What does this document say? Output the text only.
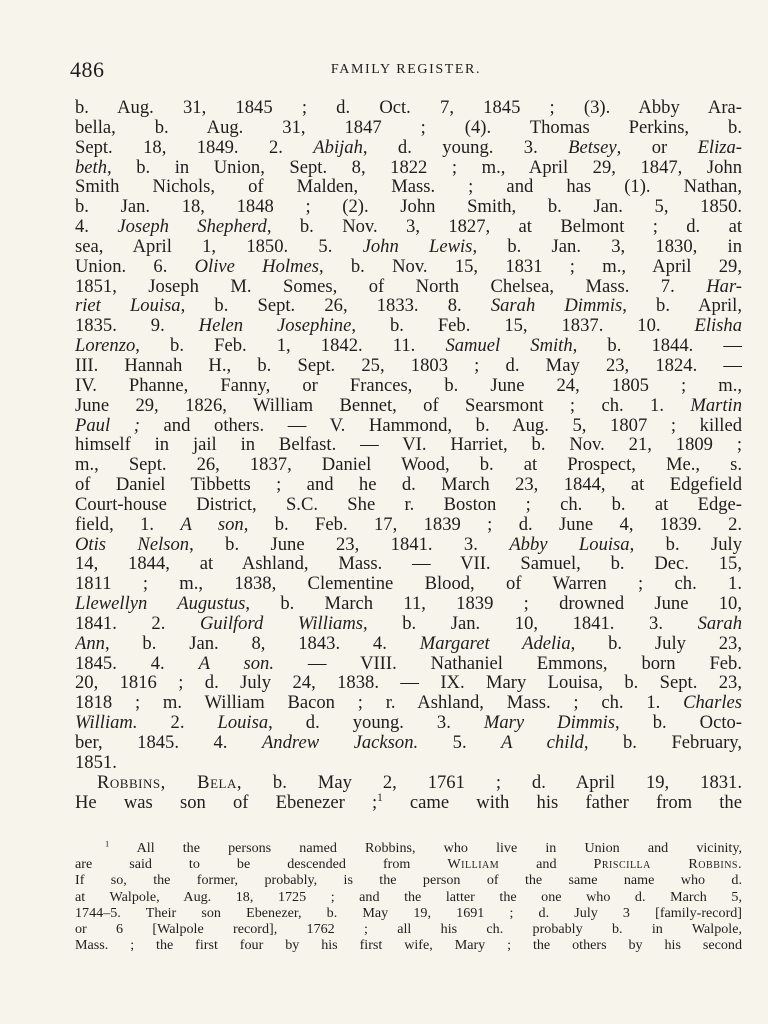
486	FAMILY REGISTER.
b. Aug. 31, 1845 ; d. Oct. 7, 1845 ; (3). Abby Ara-
bella, b. Aug. 31, 1847 ; (4). Thomas Perkins, b.
Sept. 18, 1849. 2. Abijah, d. young. 3. Betsey, or Eliza-
beth, b. in Union, Sept. 8, 1822 ; m., April 29, 1847, John
Smith Nichols, of Malden, Mass. ; and has (1). Nathan,
b. Jan. 18, 1848 ; (2). John Smith, b. Jan. 5, 1850.
4. Joseph Shepherd, b. Nov. 3, 1827, at Belmont ; d. at
sea, April 1, 1850. 5. John Lewis, b. Jan. 3, 1830, in
Union. 6. Olive Holmes, b. Nov. 15, 1831 ; m., April 29,
1851, Joseph M. Somes, of North Chelsea, Mass. 7. Har-
riet Louisa, b. Sept. 26, 1833. 8. Sarah Dimmis, b. April,
1835. 9. Helen Josephine, b. Feb. 15, 1837. 10. Elisha
Lorenzo, b. Feb. 1, 1842. 11. Samuel Smith, b. 1844. —
III. Hannah H., b. Sept. 25, 1803 ; d. May 23, 1824. —
IV. Phanne, Fanny, or Frances, b. June 24, 1805 ; m.,
June 29, 1826, William Bennet, of Searsmont ; ch. 1. Martin
Paul ; and others. — V. Hammond, b. Aug. 5, 1807 ; killed
himself in jail in Belfast. — VI. Harriet, b. Nov. 21, 1809 ;
m., Sept. 26, 1837, Daniel Wood, b. at Prospect, Me., s.
of Daniel Tibbetts ; and he d. March 23, 1844, at Edgefield
Court-house District, S.C. She r. Boston ; ch. b. at Edge-
field, 1. A son, b. Feb. 17, 1839 ; d. June 4, 1839. 2.
Otis Nelson, b. June 23, 1841. 3. Abby Louisa, b. July
14, 1844, at Ashland, Mass. — VII. Samuel, b. Dec. 15,
1811 ; m., 1838, Clementine Blood, of Warren ; ch. 1.
Llewellyn Augustus, b. March 11, 1839 ; drowned June 10,
1841. 2. Guilford Williams, b. Jan. 10, 1841. 3. Sarah
Ann, b. Jan. 8, 1843. 4. Margaret Adelia, b. July 23,
1845. 4. A son. — VIII. Nathaniel Emmons, born Feb.
20, 1816 ; d. July 24, 1838. — IX. Mary Louisa, b. Sept. 23,
1818 ; m. William Bacon ; r. Ashland, Mass. ; ch. 1. Charles
William. 2. Louisa, d. young. 3. Mary Dimmis, b. Octo-
ber, 1845. 4. Andrew Jackson. 5. A child, b. February,
1851.
Robbins, Bela, b. May 2, 1761 ; d. April 19, 1831.
He was son of Ebenezer ;$^1$ came with his father from the
$^1$ All the persons named Robbins, who live in Union and vicinity,
are said to be descended from William and Priscilla Robbins.
If so, the former, probably, is the person of the same name who d.
at Walpole, Aug. 18, 1725 ; and the latter the one who d. March 5,
1744–5. Their son Ebenezer, b. May 19, 1691 ; d. July 3 [family-record]
or 6 [Walpole record], 1762 ; all his ch. probably b. in Walpole,
Mass. ; the first four by his first wife, Mary ; the others by his second
